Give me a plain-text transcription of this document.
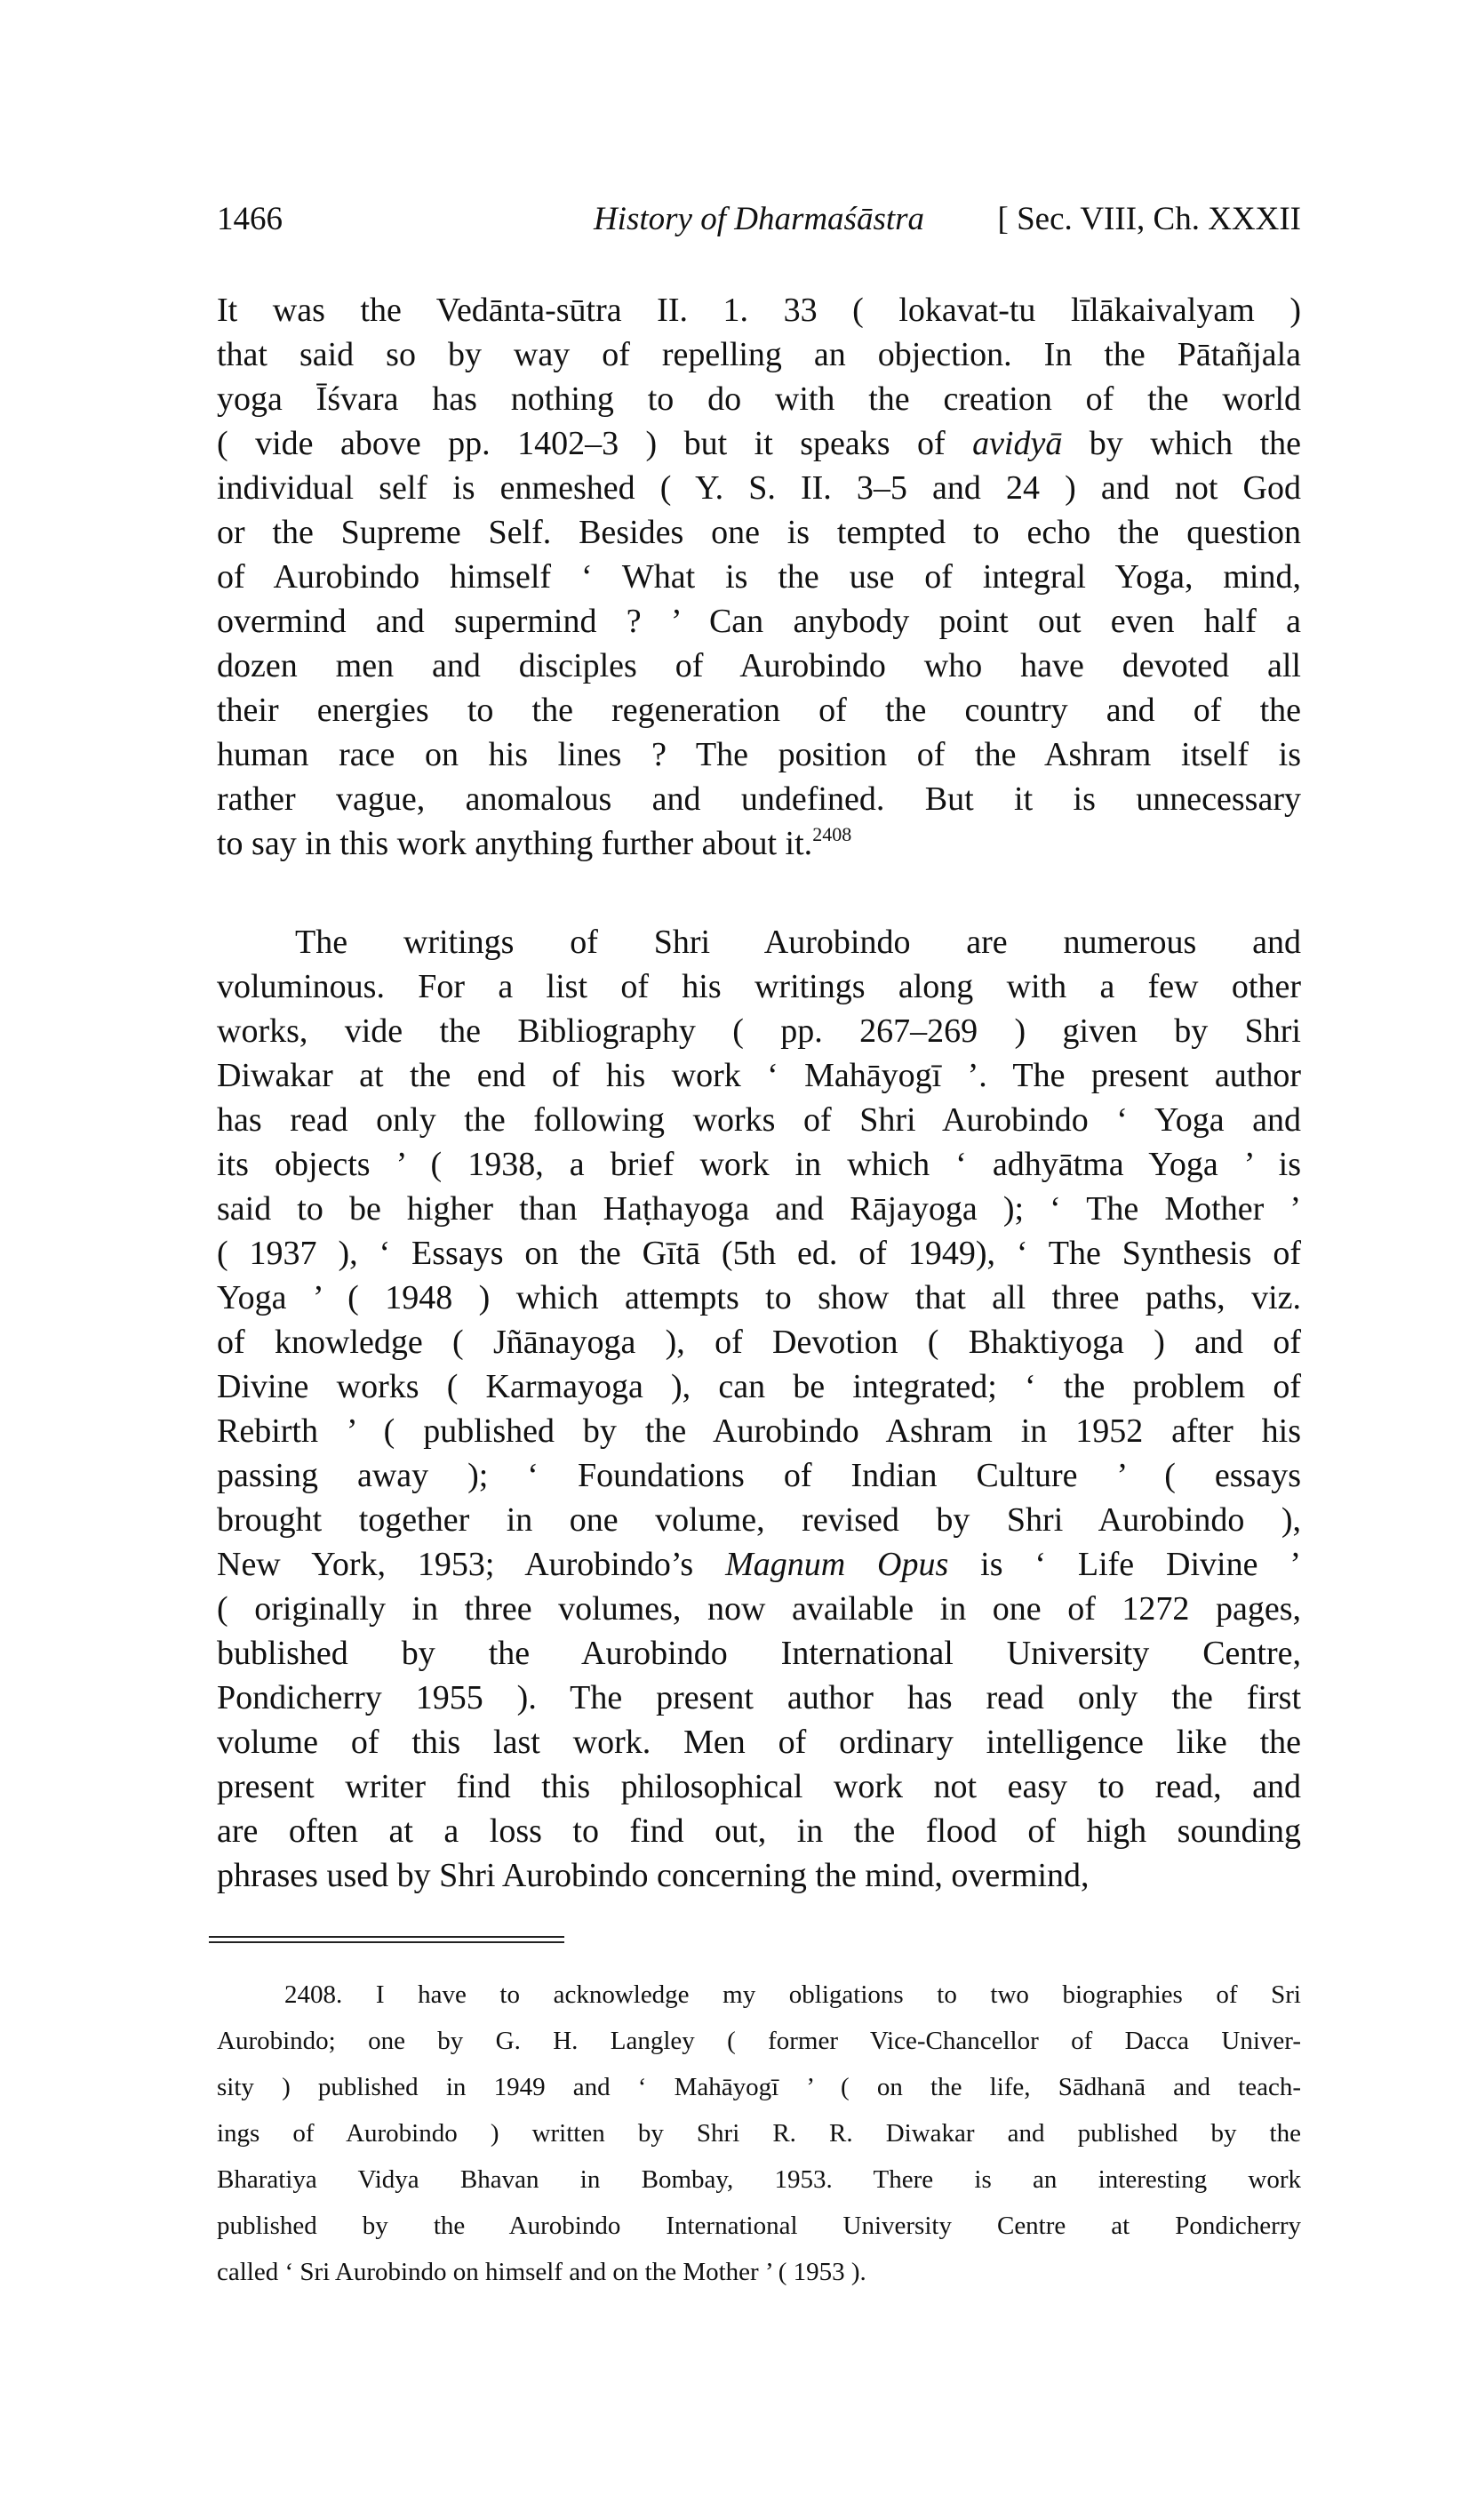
1466	History of Dharmaśāstra	[ Sec. VIII, Ch. XXXII
It was the Vedānta-sūtra II. 1. 33 ( lokavat-tu līlākaivalyam )
that said so by way of repelling an objection. In the Pātañjala
yoga Īśvara has nothing to do with the creation of the world
( vide above pp. 1402–3 ) but it speaks of avidyā by which the
individual self is enmeshed ( Y. S. II. 3–5 and 24 ) and not God
or the Supreme Self. Besides one is tempted to echo the question
of Aurobindo himself ‘ What is the use of integral Yoga, mind,
overmind and supermind ? ’ Can anybody point out even half a
dozen men and disciples of Aurobindo who have devoted all
their energies to the regeneration of the country and of the
human race on his lines ? The position of the Ashram itself is
rather vague, anomalous and undefined. But it is unnecessary
to say in this work anything further about it.$^{2408}$
The writings of Shri Aurobindo are numerous and
voluminous. For a list of his writings along with a few other
works, vide the Bibliography ( pp. 267–269 ) given by Shri
Diwakar at the end of his work ‘ Mahāyogī ’. The present author
has read only the following works of Shri Aurobindo ‘ Yoga and
its objects ’ ( 1938, a brief work in which ‘ adhyātma Yoga ’ is
said to be higher than Haṭhayoga and Rājayoga ); ‘ The Mother ’
( 1937 ), ‘ Essays on the Gītā (5th ed. of 1949), ‘ The Synthesis of
Yoga ’ ( 1948 ) which attempts to show that all three paths, viz.
of knowledge ( Jñānayoga ), of Devotion ( Bhaktiyoga ) and of
Divine works ( Karmayoga ), can be integrated; ‘ the problem of
Rebirth ’ ( published by the Aurobindo Ashram in 1952 after his
passing away ); ‘ Foundations of Indian Culture ’ ( essays
brought together in one volume, revised by Shri Aurobindo ),
New York, 1953; Aurobindo’s Magnum Opus is ‘ Life Divine ’
( originally in three volumes, now available in one of 1272 pages,
bublished by the Aurobindo International University Centre,
Pondicherry 1955 ). The present author has read only the first
volume of this last work. Men of ordinary intelligence like the
present writer find this philosophical work not easy to read, and
are often at a loss to find out, in the flood of high sounding
phrases used by Shri Aurobindo concerning the mind, overmind,
2408. I have to acknowledge my obligations to two biographies of Sri
Aurobindo; one by G. H. Langley ( former Vice-Chancellor of Dacca Univer-
sity ) published in 1949 and ‘ Mahāyogī ’ ( on the life, Sādhanā and teach-
ings of Aurobindo ) written by Shri R. R. Diwakar and published by the
Bharatiya Vidya Bhavan in Bombay, 1953. There is an interesting work
published by the Aurobindo International University Centre at Pondicherry
called ‘ Sri Aurobindo on himself and on the Mother ’ ( 1953 ).
